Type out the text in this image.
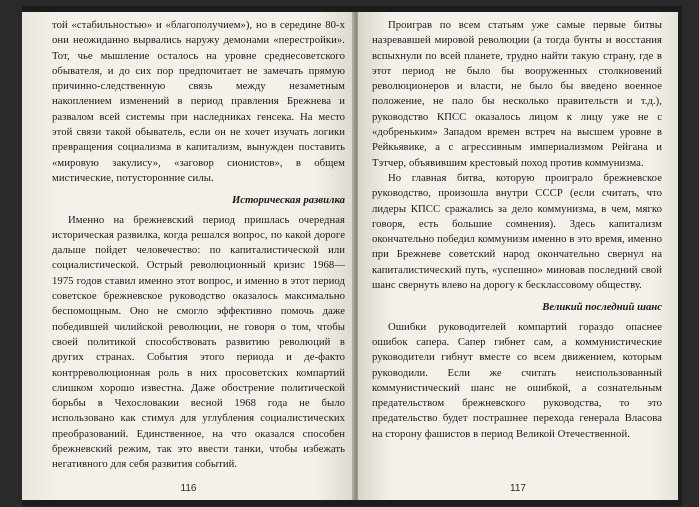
той «стабильностью» и «благополучием»), но в середине 80-х они неожиданно вырвались наружу демонами «перестройки». Тот, чье мышление осталось на уровне среднесоветского обывателя, и до сих пор предпочитает не замечать прямую причинно-следственную связь между незаметным накоплением изменений в период правления Брежнева и развалом всей системы при наследниках генсека. На место этой связи такой обыватель, если он не хочет изучать логики превращения социализма в капитализм, вынужден поставить «мировую закулису», «заговор сионистов», в общем мистические, потусторонние силы.

Историческая развилка

Именно на брежневский период пришлась очередная историческая развилка, когда решался вопрос, по какой дороге дальше пойдет человечество: по капиталистической или социалистической. Острый революционный кризис 1968—1975 годов ставил именно этот вопрос, и именно в этот период советское брежневское руководство оказалось максимально беспомощным. Оно не смогло эффективно помочь даже победившей чилийской революции, не говоря о том, чтобы своей политикой способствовать развитию революций в других странах. События этого периода и де-факто контрреволюционная роль в них просоветских компартий слишком хорошо известна. Даже обострение политической борьбы в Чехословакии весной 1968 года не было использовано как стимул для углубления социалистических преобразований. Единственное, на что оказался способен брежневский режим, так это ввести танки, чтобы избежать негативного для себя развития событий.

116

Проиграв по всем статьям уже самые первые битвы назревавшей мировой революции (а тогда бунты и восстания вспыхнули по всей планете, трудно найти такую страну, где в этот период не было бы вооруженных столкновений революционеров и власти, не было бы введено военное положение, не пало бы несколько правительств и т.д.), руководство КПСС оказалось лицом к лицу уже не с «добреньким» Западом времен встреч на высшем уровне в Рейкьявике, а с агрессивным империализмом Рейгана и Тэтчер, объявившим крестовый поход против коммунизма.

Но главная битва, которую проиграло брежневское руководство, произошла внутри СССР (если считать, что лидеры КПСС сражались за дело коммунизма, в чем, мягко говоря, есть большие сомнения). Здесь капитализм окончательно победил коммунизм именно в это время, именно при Брежневе советский народ окончательно свернул на капиталистический путь, «успешно» миновав последний свой шанс свернуть влево на дорогу к бесклассовому обществу.

Великий последний шанс

Ошибки руководителей компартий гораздо опаснее ошибок сапера. Сапер гибнет сам, а коммунистические руководители гибнут вместе со всем движением, которым руководили. Если же считать неиспользованный коммунистический шанс не ошибкой, а сознательным предательством брежневского руководства, то это предательство будет пострашнее перехода генерала Власова на сторону фашистов в период Великой Отечественной.

117
